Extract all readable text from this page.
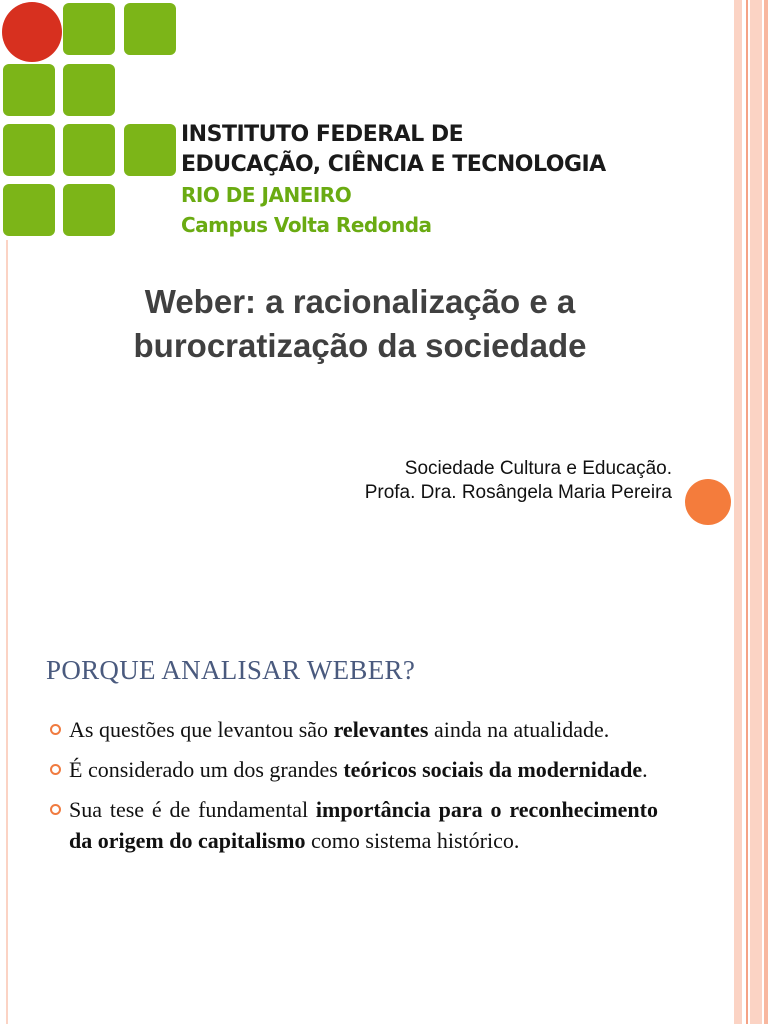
INSTITUTO FEDERAL DE
EDUCAÇÃO, CIÊNCIA E TECNOLOGIA
RIO DE JANEIRO
Campus Volta Redonda
Weber: a racionalização e a
burocratização da sociedade
Sociedade Cultura e Educação.
Profa. Dra. Rosângela Maria Pereira
PORQUE ANALISAR WEBER?
As questões que levantou são relevantes ainda na atualidade.
É considerado um dos grandes teóricos sociais da modernidade.
Sua tese é de fundamental importância para o reconhecimento da origem do capitalismo como sistema histórico.
